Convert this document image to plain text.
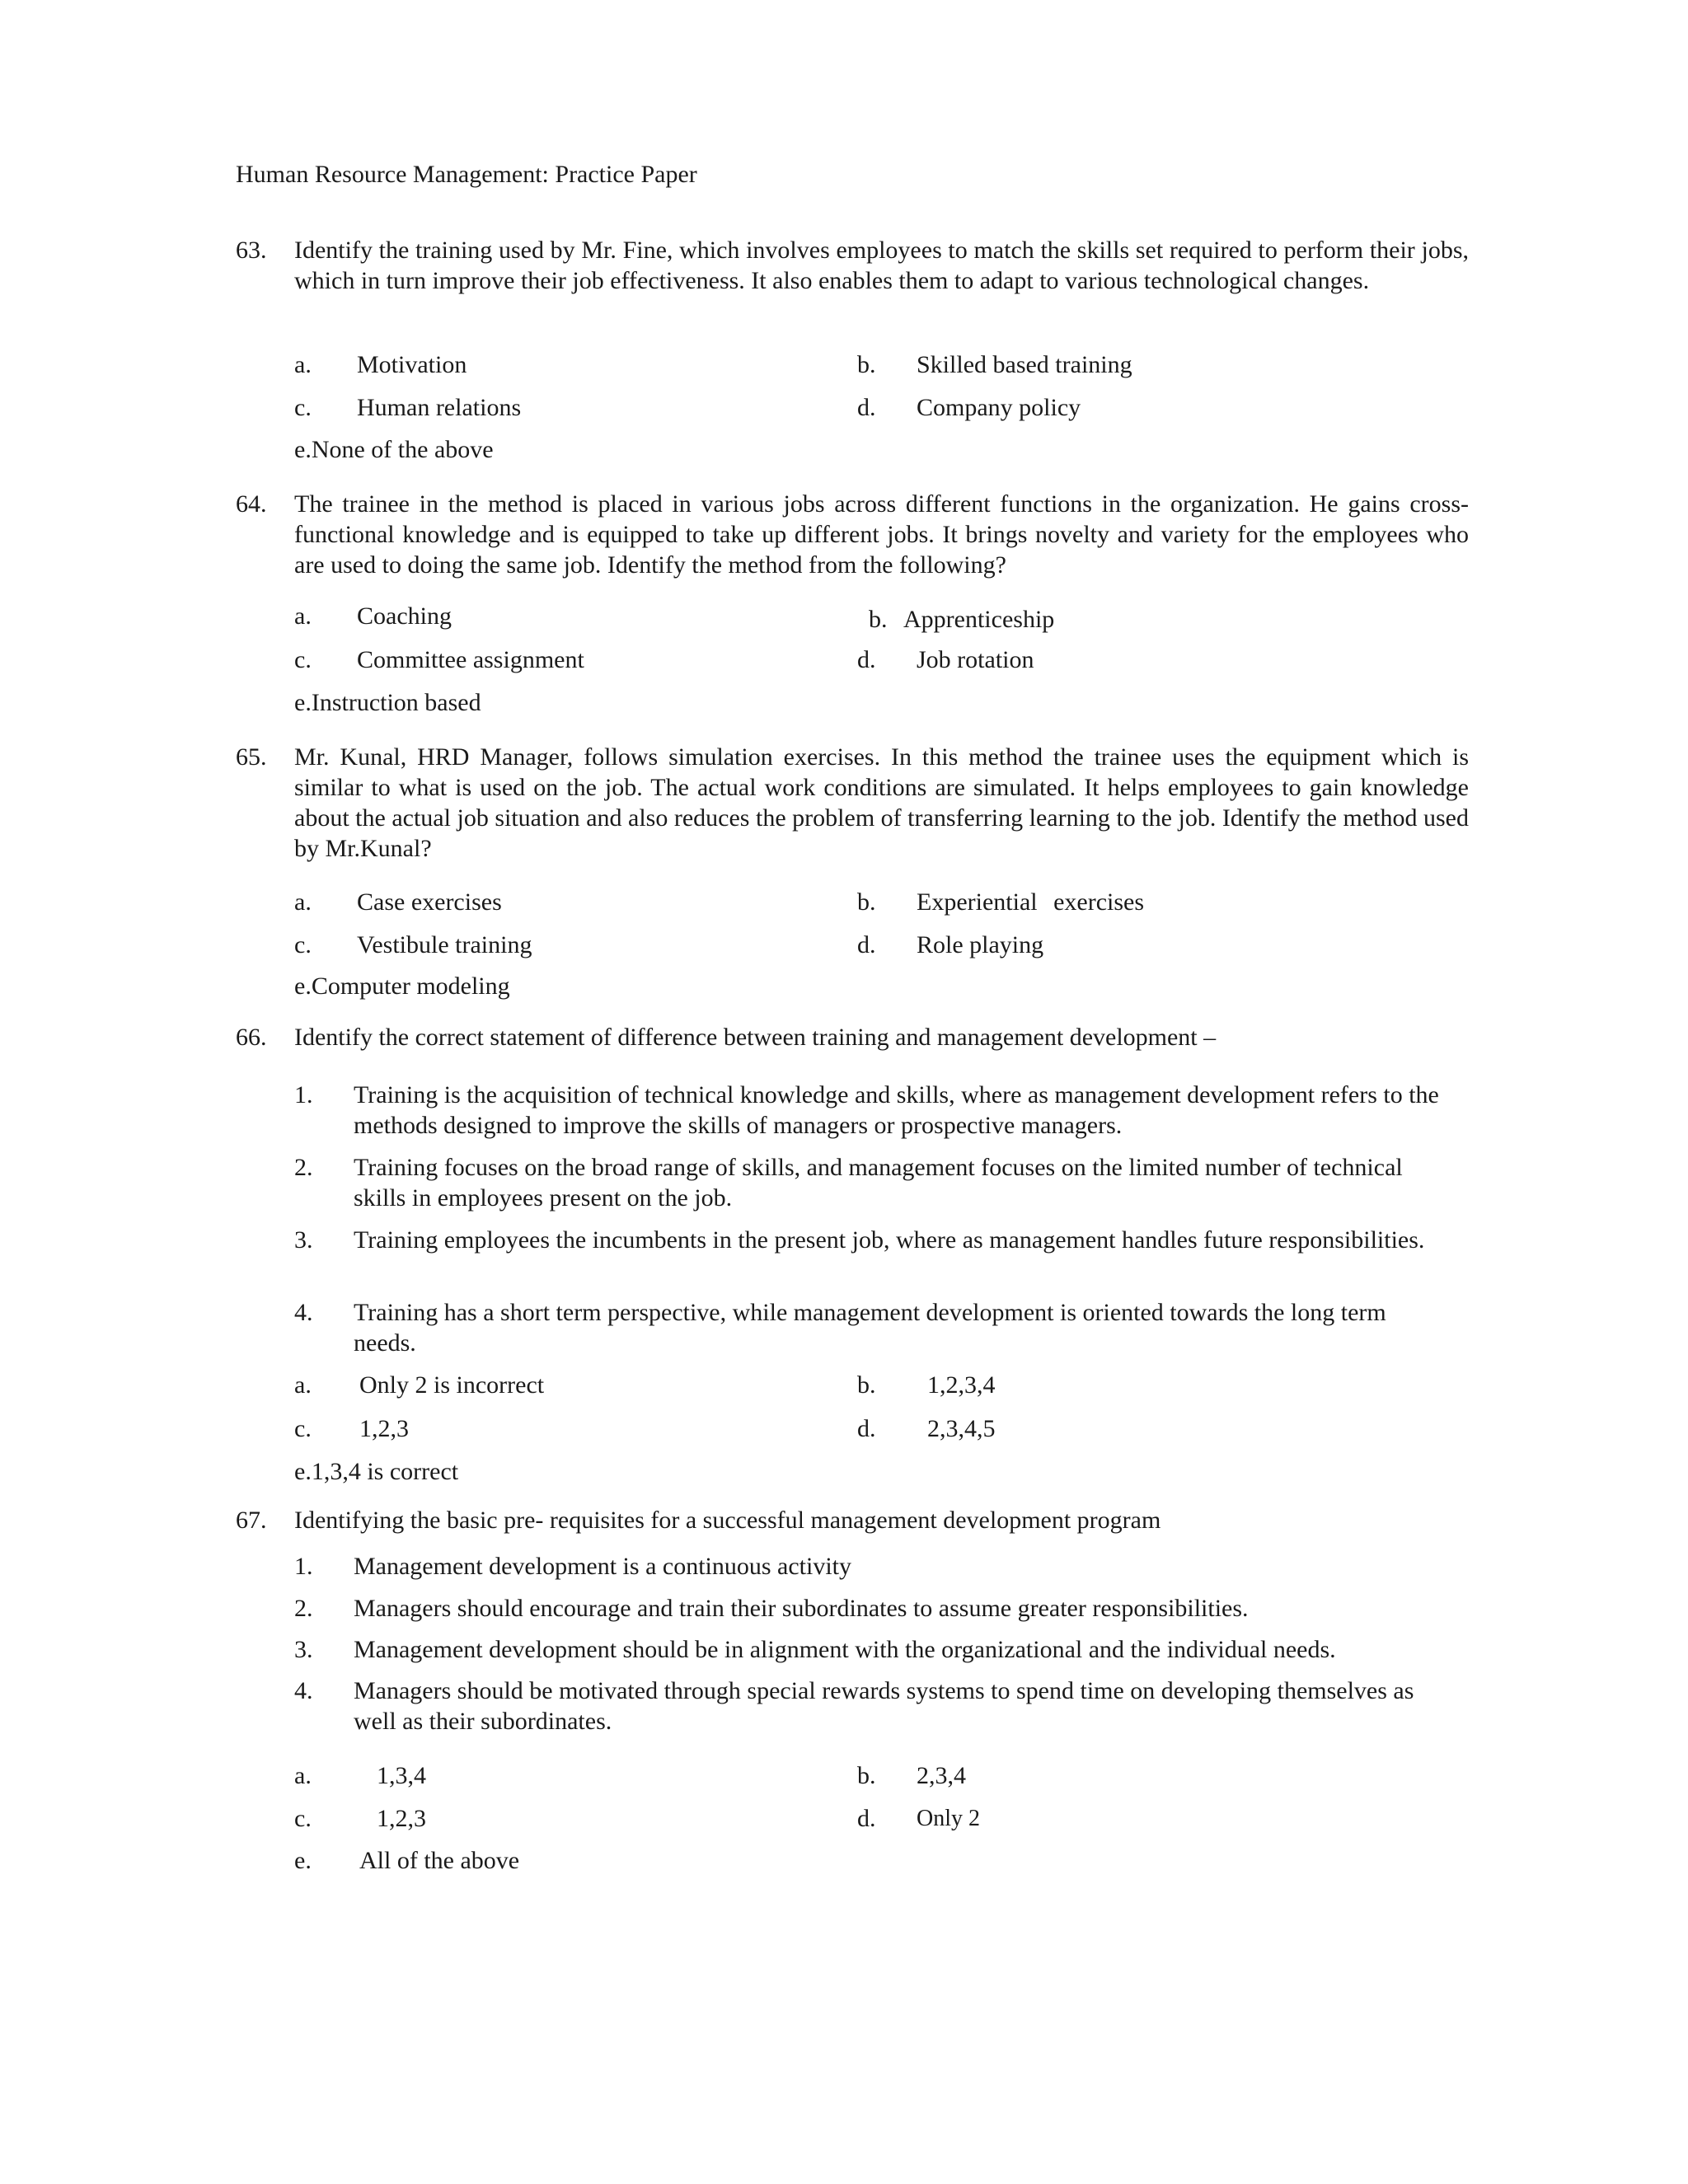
Human Resource Management: Practice Paper
63. Identify the training used by Mr. Fine, which involves employees to match the skills set required to perform their jobs, which in turn improve their job effectiveness. It also enables them to adapt to various technological changes.
a. Motivation	b. Skilled based training
c. Human relations	d. Company policy
e.None of the above
64. The trainee in the method is placed in various jobs across different functions in the organization. He gains cross-functional knowledge and is equipped to take up different jobs. It brings novelty and variety for the employees who are used to doing the same job. Identify the method from the following?
a. Coaching	b. Apprenticeship
c. Committee assignment	d. Job rotation
e.Instruction based
65. Mr. Kunal, HRD Manager, follows simulation exercises. In this method the trainee uses the equipment which is similar to what is used on the job. The actual work conditions are simulated. It helps employees to gain knowledge about the actual job situation and also reduces the problem of transferring learning to the job. Identify the method used by Mr.Kunal?
a. Case exercises	b. Experiential exercises
c. Vestibule training	d. Role playing
e.Computer modeling
66. Identify the correct statement of difference between training and management development –
1. Training is the acquisition of technical knowledge and skills, where as management development refers to the methods designed to improve the skills of managers or prospective managers.
2. Training focuses on the broad range of skills, and management focuses on the limited number of technical skills in employees present on the job.
3. Training employees the incumbents in the present job, where as management handles future responsibilities.
4. Training has a short term perspective, while management development is oriented towards the long term needs.
a. Only 2 is incorrect	b. 1,2,3,4
c. 1,2,3	d. 2,3,4,5
e.1,3,4 is correct
67. Identifying the basic pre- requisites for a successful management development program
1. Management development is a continuous activity
2. Managers should encourage and train their subordinates to assume greater responsibilities.
3. Management development should be in alignment with the organizational and the individual needs.
4. Managers should be motivated through special rewards systems to spend time on developing themselves as well as their subordinates.
a.	1,3,4	b. 2,3,4
c.	1,2,3	d. Only 2
e. All of the above
